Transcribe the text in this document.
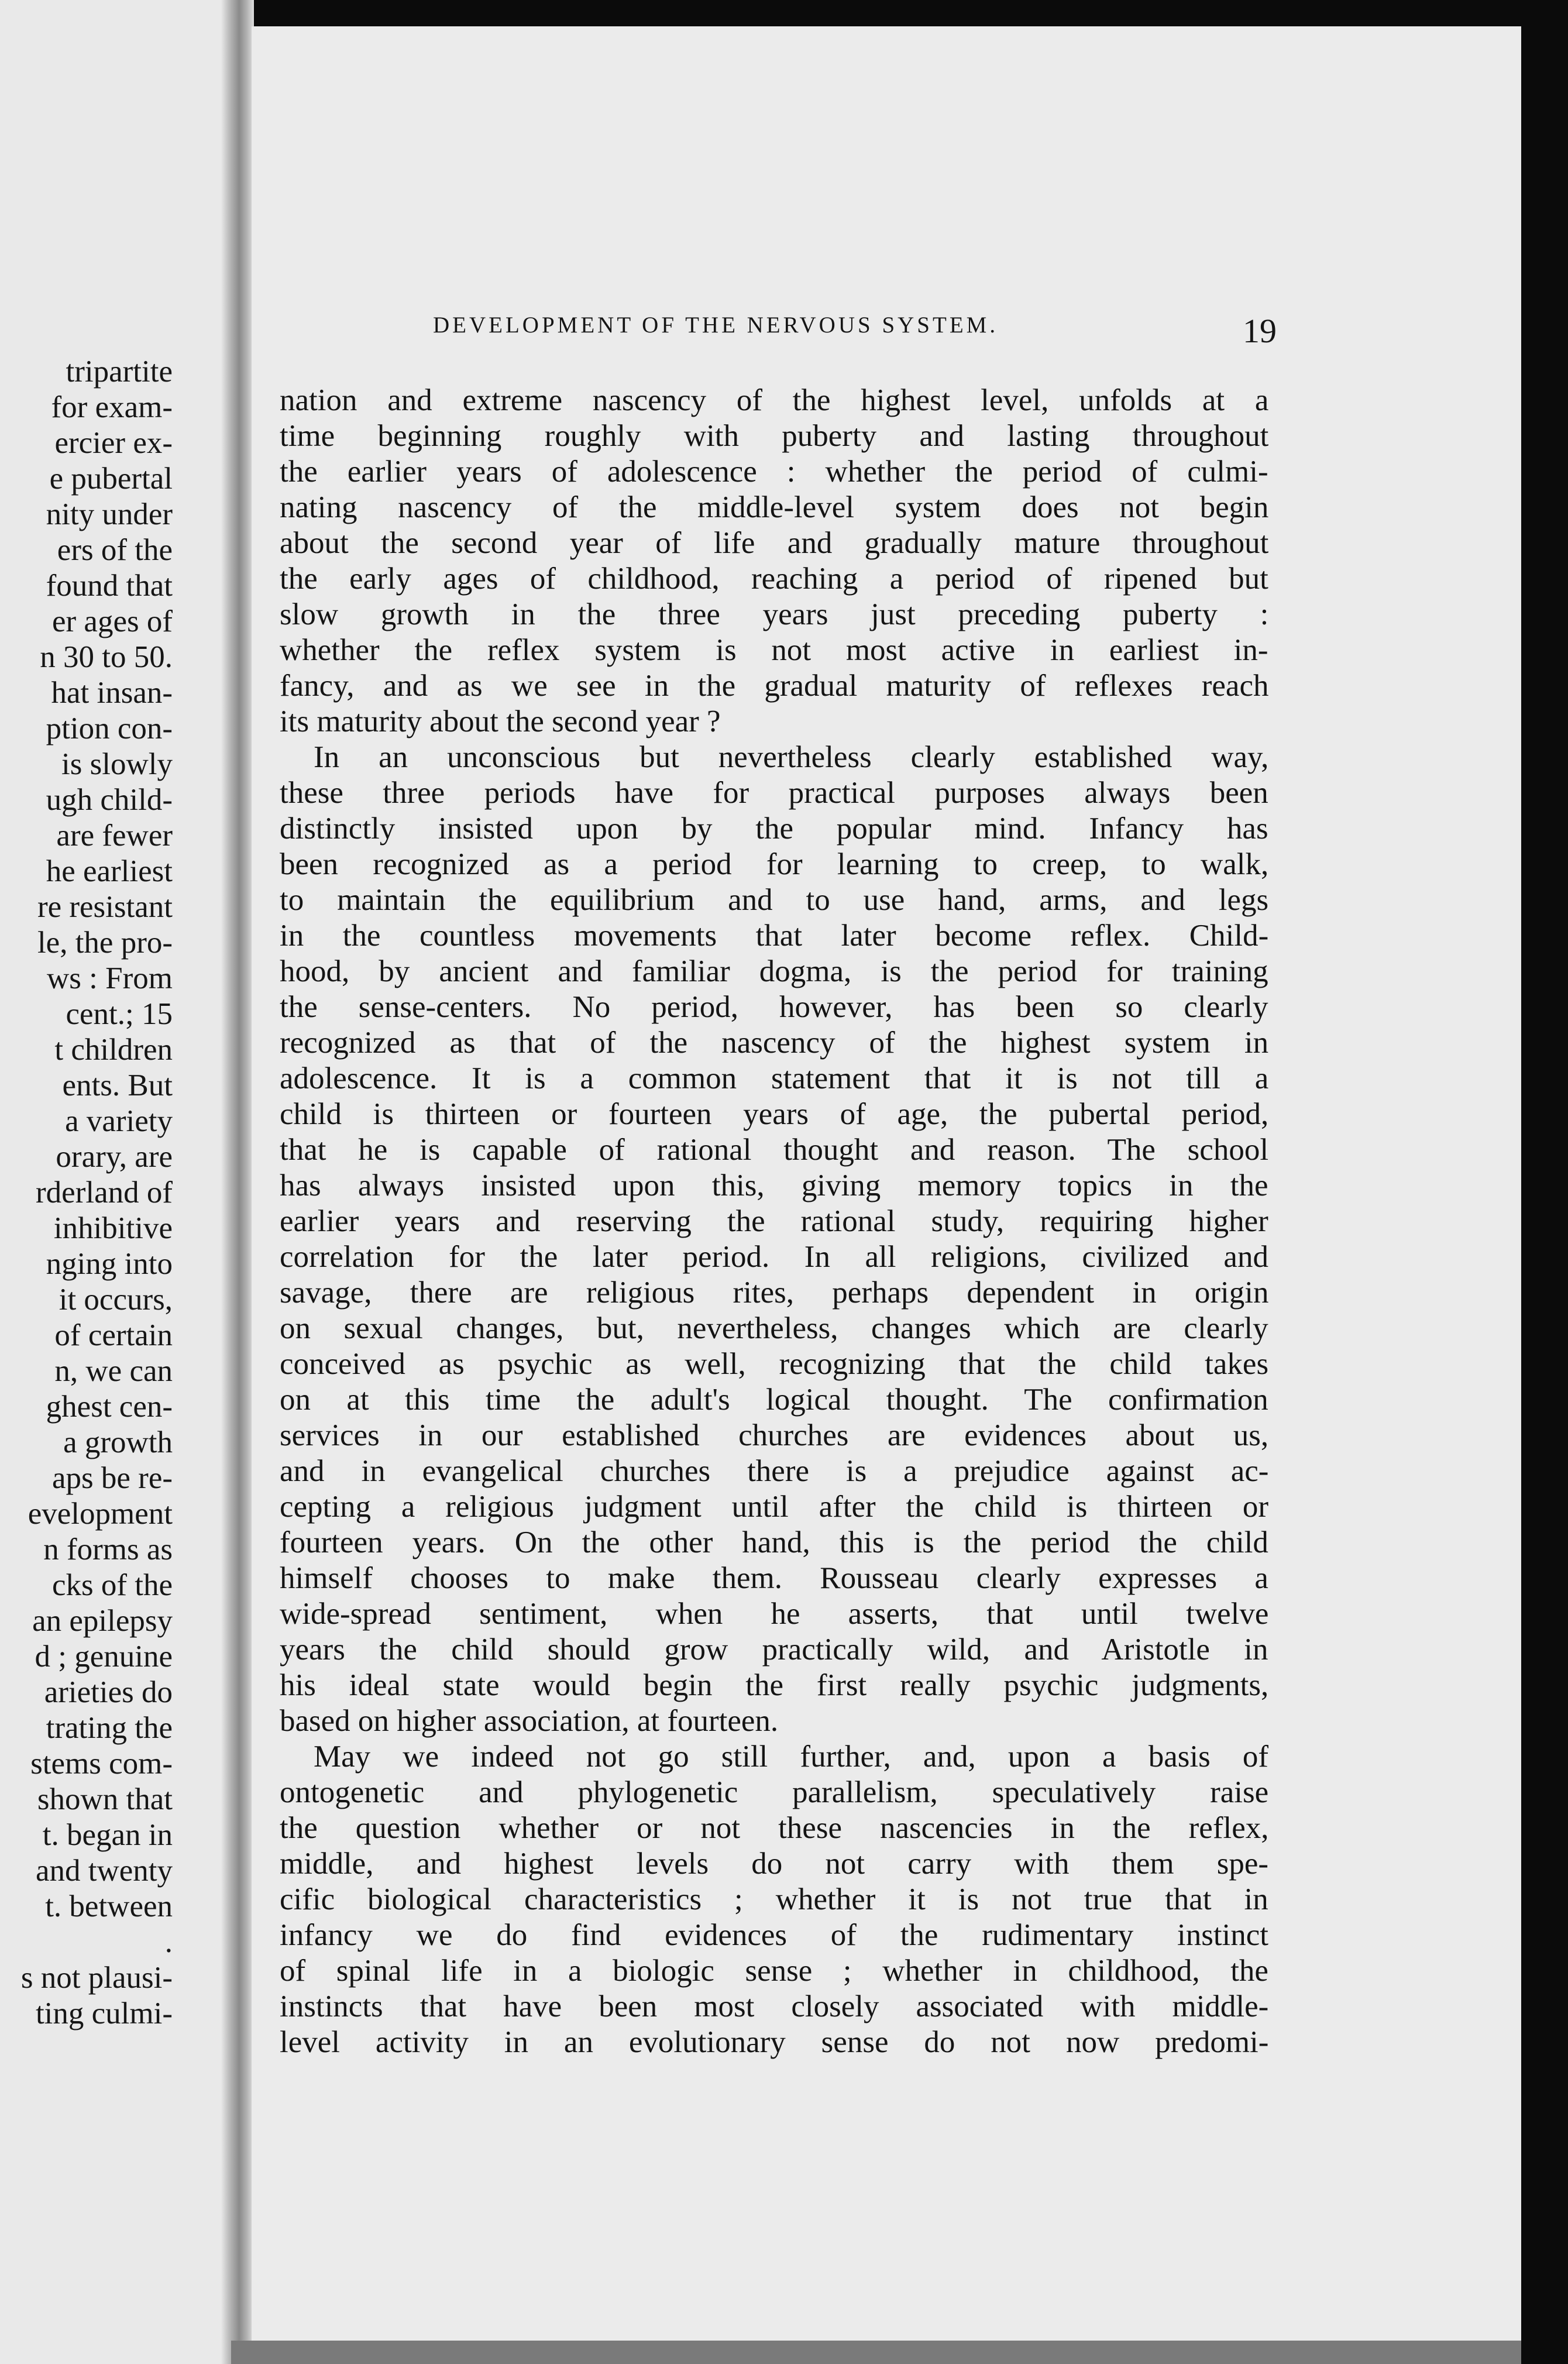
tripartite
for exam-
ercier ex-
e pubertal
nity under
ers of the
found that
er ages of
n 30 to 50.
hat insan-
ption con-
is slowly
ugh child-
are fewer
he earliest
re resistant
le, the pro-
ws : From
cent.; 15
t children
ents. But
a variety
orary, are
rderland of
inhibitive
nging into
it occurs,
of certain
n, we can
ghest cen-
a growth
aps be re-
evelopment
n forms as
cks of the
an epilepsy
d ; genuine
arieties do
trating the
stems com-
shown that
t. began in
and twenty
t. between
.
s not plausi-
ting culmi-
DEVELOPMENT OF THE NERVOUS SYSTEM.	19
nation and extreme nascency of the highest level, unfolds at a
time beginning roughly with puberty and lasting throughout
the earlier years of adolescence : whether the period of culmi-
nating nascency of the middle-level system does not begin
about the second year of life and gradually mature throughout
the early ages of childhood, reaching a period of ripened but
slow growth in the three years just preceding puberty :
whether the reflex system is not most active in earliest in-
fancy, and as we see in the gradual maturity of reflexes reach
its maturity about the second year ?
In an unconscious but nevertheless clearly established way,
these three periods have for practical purposes always been
distinctly insisted upon by the popular mind. Infancy has
been recognized as a period for learning to creep, to walk,
to maintain the equilibrium and to use hand, arms, and legs
in the countless movements that later become reflex. Child-
hood, by ancient and familiar dogma, is the period for training
the sense-centers. No period, however, has been so clearly
recognized as that of the nascency of the highest system in
adolescence. It is a common statement that it is not till a
child is thirteen or fourteen years of age, the pubertal period,
that he is capable of rational thought and reason. The school
has always insisted upon this, giving memory topics in the
earlier years and reserving the rational study, requiring higher
correlation for the later period. In all religions, civilized and
savage, there are religious rites, perhaps dependent in origin
on sexual changes, but, nevertheless, changes which are clearly
conceived as psychic as well, recognizing that the child takes
on at this time the adult's logical thought. The confirmation
services in our established churches are evidences about us,
and in evangelical churches there is a prejudice against ac-
cepting a religious judgment until after the child is thirteen or
fourteen years. On the other hand, this is the period the child
himself chooses to make them. Rousseau clearly expresses a
wide-spread sentiment, when he asserts, that until twelve
years the child should grow practically wild, and Aristotle in
his ideal state would begin the first really psychic judgments,
based on higher association, at fourteen.
May we indeed not go still further, and, upon a basis of
ontogenetic and phylogenetic parallelism, speculatively raise
the question whether or not these nascencies in the reflex,
middle, and highest levels do not carry with them spe-
cific biological characteristics ; whether it is not true that in
infancy we do find evidences of the rudimentary instinct
of spinal life in a biologic sense ; whether in childhood, the
instincts that have been most closely associated with middle-
level activity in an evolutionary sense do not now predomi-
